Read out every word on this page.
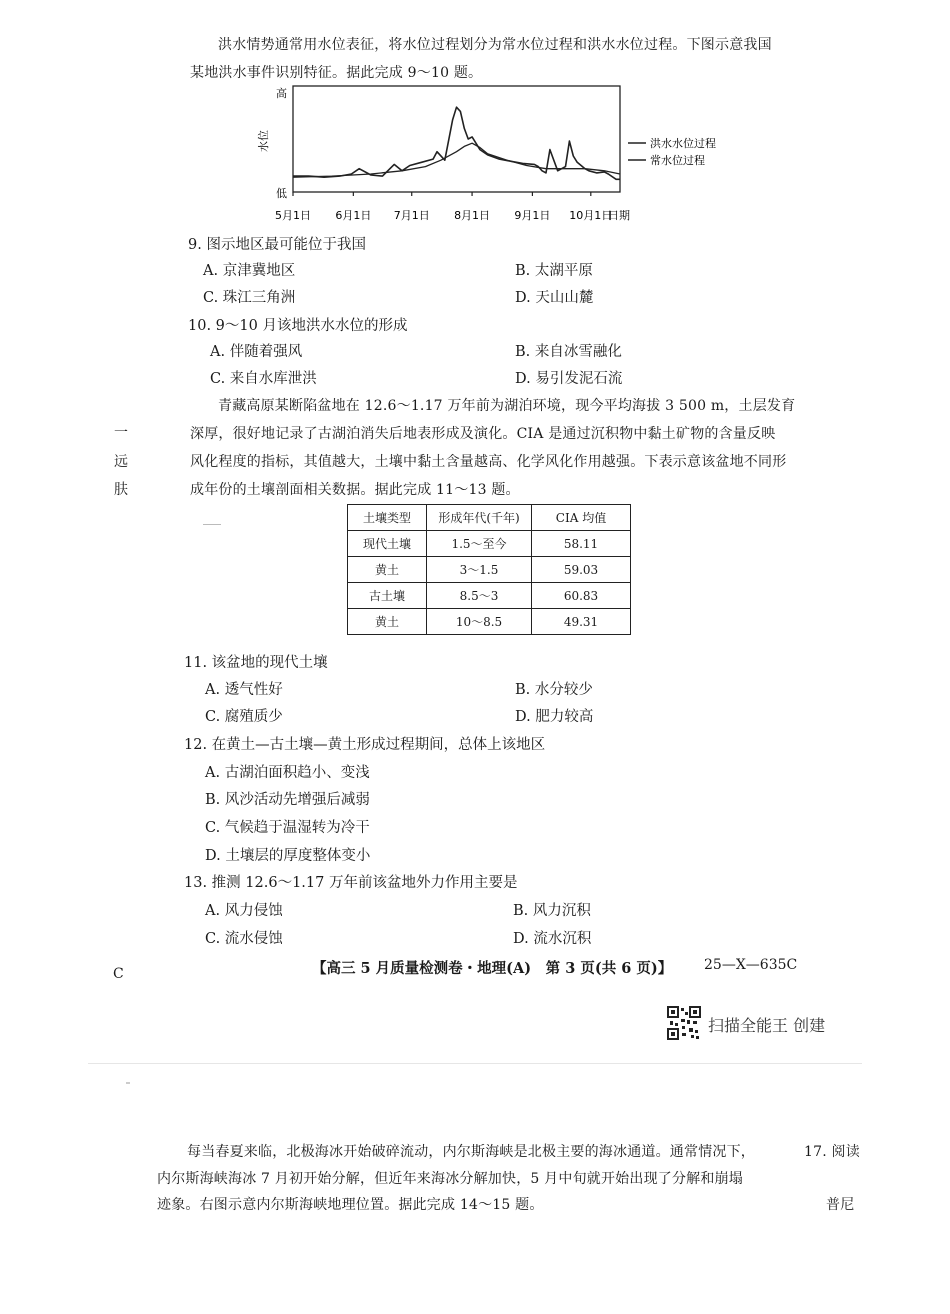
洪水情势通常用水位表征，将水位过程划分为常水位过程和洪水水位过程。下图示意我国
某地洪水事件识别特征。据此完成 9～10 题。
高
低
水位
日期
洪水水位过程
常水位过程
5月1日 6月1日 7月1日 8月1日 9月1日 10月1日
9. 图示地区最可能位于我国
A. 京津冀地区	B. 太湖平原
C. 珠江三角洲	D. 天山山麓
10. 9～10 月该地洪水水位的形成
A. 伴随着强风	B. 来自冰雪融化
C. 来自水库泄洪	D. 易引发泥石流
青藏高原某断陷盆地在 12.6～1.17 万年前为湖泊环境，现今平均海拔 3 500 m，土层发育
深厚，很好地记录了古湖泊消失后地表形成及演化。CIA 是通过沉积物中黏土矿物的含量反映
风化程度的指标，其值越大，土壤中黏土含量越高、化学风化作用越强。下表示意该盆地不同形
成年份的土壤剖面相关数据。据此完成 11～13 题。
一
远
肤
土壤类型	形成年代(千年)	CIA 均值
现代土壤	1.5～至今	58.11
黄土	3～1.5	59.03
古土壤	8.5～3	60.83
黄土	10～8.5	49.31
11. 该盆地的现代土壤
A. 透气性好	B. 水分较少
C. 腐殖质少	D. 肥力较高
12. 在黄土—古土壤—黄土形成过程期间，总体上该地区
A. 古湖泊面积趋小、变浅
B. 风沙活动先增强后减弱
C. 气候趋于温湿转为冷干
D. 土壤层的厚度整体变小
13. 推测 12.6～1.17 万年前该盆地外力作用主要是
A. 风力侵蚀	B. 风力沉积
C. 流水侵蚀	D. 流水沉积
C	【高三 5 月质量检测卷・地理(A)　第 3 页(共 6 页)】 25—X—635C
扫描全能王 创建
每当春夏来临，北极海冰开始破碎流动，内尔斯海峡是北极主要的海冰通道。通常情况下，
内尔斯海峡海冰 7 月初开始分解，但近年来海冰分解加快，5 月中旬就开始出现了分解和崩塌
迹象。右图示意内尔斯海峡地理位置。据此完成 14～15 题。
17. 阅读
普尼
